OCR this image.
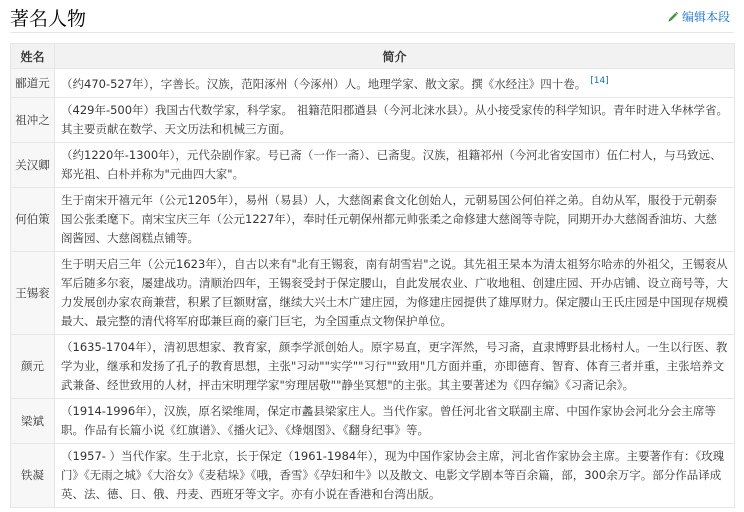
著名人物	编辑本段
姓名	简介
郦道元	（约470-527年），字善长。汉族，范阳涿州（今涿州）人。地理学家、散文家。撰《水经注》四十卷。 [14]
祖冲之	（429年-500年）我国古代数学家，科学家。 祖籍范阳郡遒县（今河北涞水县）。从小接受家传的科学知识。青年时进入华林学省。其主要贡献在数学、天文历法和机械三方面。
关汉卿	（约1220年-1300年），元代杂剧作家。号已斋（一作一斋）、已斋叟。汉族，祖籍祁州（今河北省安国市）伍仁村人，与马致远、郑光祖、白朴并称为"元曲四大家"。
何伯策	生于南宋开禧元年（公元1205年），易州（易县）人，大慈阁素食文化创始人，元朝易国公何伯祥之弟。自幼从军，服役于元朝泰国公张柔麾下。南宋宝庆三年（公元1227年），奉时任元朝保州都元帅张柔之命修建大慈阁等寺院，同期开办大慈阁香油坊、大慈阁酱园、大慈阁糕点铺等。
王锡衮	生于明天启三年（公元1623年），自古以来有"北有王锡衮，南有胡雪岩"之说。其先祖王杲本为清太祖努尔哈赤的外祖父，王锡衮从军后随多尔衮，屡建战功。清顺治四年，王锡衮受封于保定腰山，自此发展农业、广收地租、创建庄园、开办店铺、设立商号等，大力发展创办家农商兼营，积累了巨额财富，继续大兴土木广建庄园，为修建庄园提供了雄厚财力。保定腰山王氏庄园是中国现存规模最大、最完整的清代将军府邸兼巨商的豪门巨宅，为全国重点文物保护单位。
颜元	（1635-1704年），清初思想家、教育家，颜李学派创始人。原字易直，更字浑然，号习斋，直隶博野县北杨村人。一生以行医、教学为业，继承和发扬了孔子的教育思想，主张"习动""实学""习行""致用"几方面并重，亦即德育、智育、体育三者并重，主张培养文武兼备、经世致用的人材，抨击宋明理学家"穷理居敬""静坐冥想"的主张。其主要著述为《四存编》《习斋记余》。
梁斌	（1914-1996年），汉族，原名梁维周，保定市蠡县梁家庄人。当代作家。曾任河北省文联副主席、中国作家协会河北分会主席等职。作品有长篇小说《红旗谱》、《播火记》、《烽烟图》、《翻身纪事》等。
铁凝	（1957- ）当代作家。生于北京，长于保定（1961-1984年），现为中国作家协会主席，河北省作家协会主席。主要著作有：《玫瑰门》《无雨之城》《大浴女》《麦秸垛》《哦，香雪》《孕妇和牛》以及散文、电影文学剧本等百余篇，部，300余万字。部分作品译成英、法、德、日、俄、丹麦、西班牙等文字。亦有小说在香港和台湾出版。
